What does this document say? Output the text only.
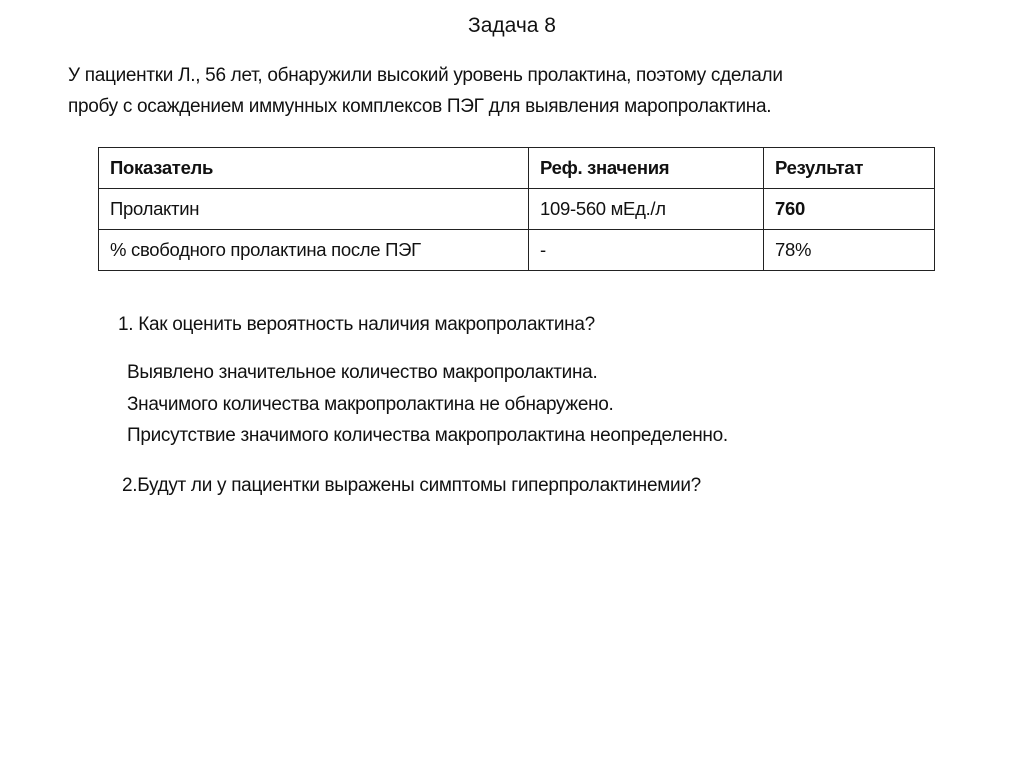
Задача 8
У пациентки Л., 56 лет, обнаружили высокий уровень пролактина, поэтому сделали
пробу с осаждением иммунных комплексов ПЭГ для выявления маропролактина.
Показатель	Реф. значения	Результат
Пролактин	109-560 мЕд./л	760
% свободного пролактина после ПЭГ	-	78%
1. Как оценить вероятность наличия макропролактина?
Выявлено значительное количество макропролактина.
Значимого количества макропролактина не обнаружено.
Присутствие значимого количества макропролактина неопределенно.
2.Будут ли у пациентки выражены симптомы гиперпролактинемии?
